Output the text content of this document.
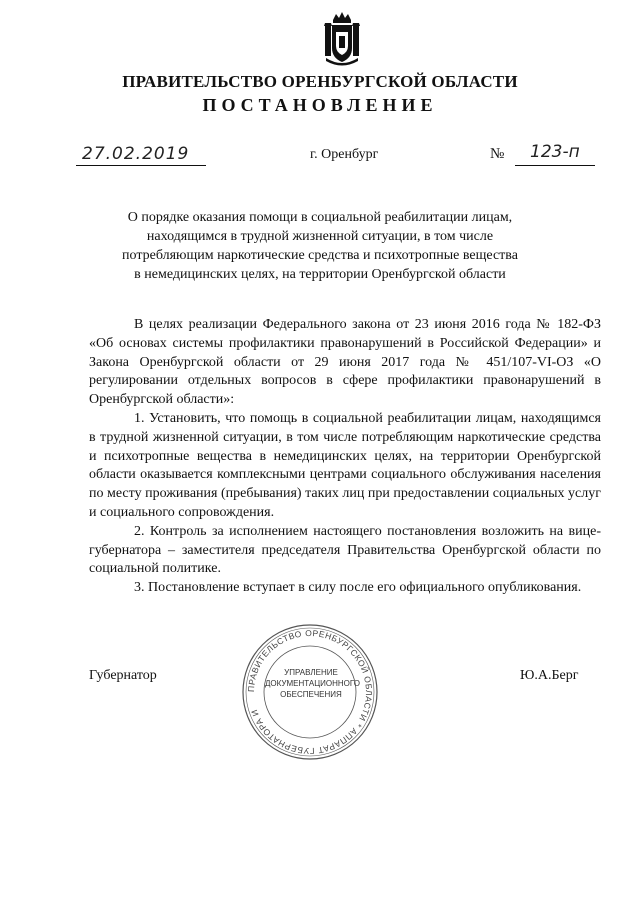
ПРАВИТЕЛЬСТВО ОРЕНБУРГСКОЙ ОБЛАСТИ
ПОСТАНОВЛЕНИЕ
27.02.2019	г. Оренбург	№ 123-п
О порядке оказания помощи в социальной реабилитации лицам,
находящимся в трудной жизненной ситуации, в том числе
потребляющим наркотические средства и психотропные вещества
в немедицинских целях, на территории Оренбургской области

В целях реализации Федерального закона от 23 июня 2016 года № 182-ФЗ «Об основах системы профилактики правонарушений в Российской Федерации» и Закона Оренбургской области от 29 июня 2017 года № 451/107-VI-ОЗ «О регулировании отдельных вопросов в сфере профилактики правонарушений в Оренбургской области»:

1. Установить, что помощь в социальной реабилитации лицам, находящимся в трудной жизненной ситуации, в том числе потребляющим наркотические средства и психотропные вещества в немедицинских целях, на территории Оренбургской области оказывается комплексными центрами социального обслуживания населения по месту проживания (пребывания) таких лиц при предоставлении социальных услуг и социального сопровождения.

2. Контроль за исполнением настоящего постановления возложить на вице-губернатора – заместителя председателя Правительства Оренбургской области по социальной политике.

3. Постановление вступает в силу после его официального опубликования.

ПРАВИТЕЛЬСТВО ОРЕНБУРГСКОЙ ОБЛАСТИ * АППАРАТ ГУБЕРНАТОРА И
УПРАВЛЕНИЕ
ДОКУМЕНТАЦИОННОГО
ОБЕСПЕЧЕНИЯ
Губернатор	Ю.А.Берг
